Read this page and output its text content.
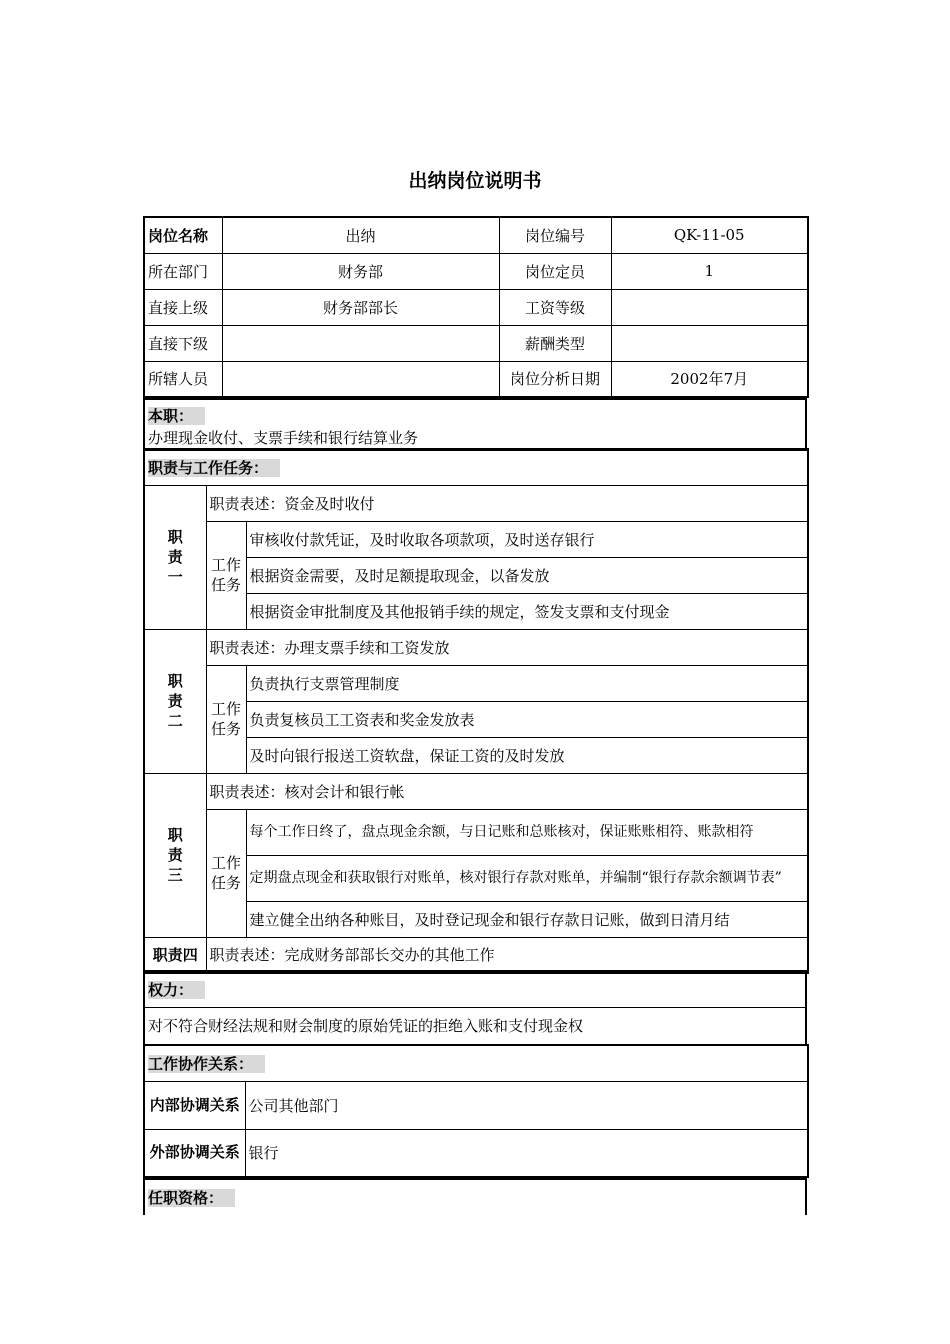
出纳岗位说明书
岗位名称	出纳	岗位编号	QK-11-05
所在部门	财务部	岗位定员	1
直接上级	财务部部长	工资等级	
直接下级		薪酬类型	
所辖人员		岗位分析日期	2002年7月
本职：
办理现金收付、支票手续和银行结算业务
职责与工作任务：		
职责一	职责表述：资金及时收付	
	工作任务	审核收付款凭证，及时收取各项款项，及时送存银行
		根据资金需要，及时足额提取现金，以备发放
		根据资金审批制度及其他报销手续的规定，签发支票和支付现金
职责二	职责表述：办理支票手续和工资发放	
	工作任务	负责执行支票管理制度
		负责复核员工工资表和奖金发放表
		及时向银行报送工资软盘，保证工资的及时发放
职责三	职责表述：核对会计和银行帐	
	工作任务	每个工作日终了，盘点现金余额，与日记账和总账核对，保证账账相符、账款相符
		定期盘点现金和获取银行对账单，核对银行存款对账单，并编制“银行存款余额调节表”
		建立健全出纳各种账目，及时登记现金和银行存款日记账，做到日清月结
职责四	职责表述：完成财务部部长交办的其他工作	
权力：
对不符合财经法规和财会制度的原始凭证的拒绝入账和支付现金权
工作协作关系：	
内部协调关系	公司其他部门
外部协调关系	银行
任职资格：
